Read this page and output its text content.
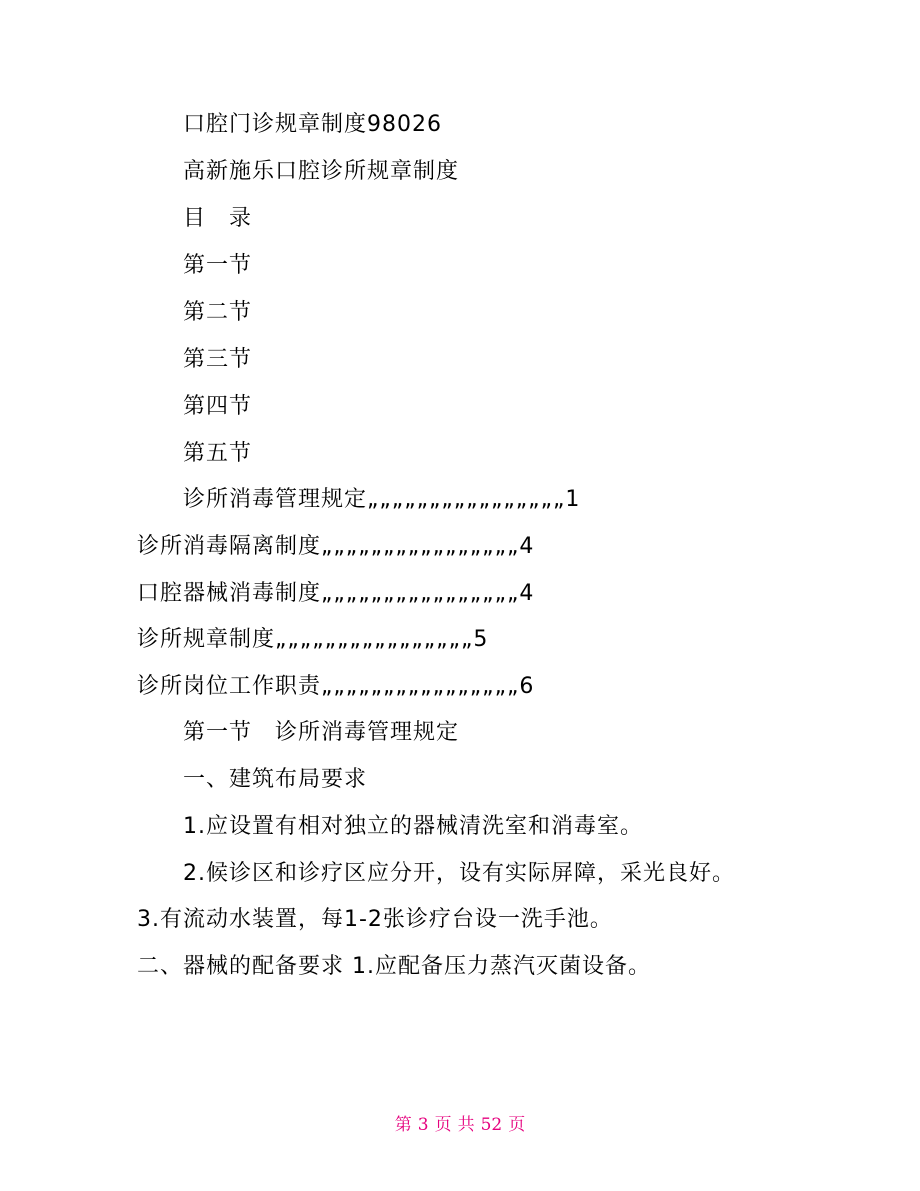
口腔门诊规章制度98026
高新施乐口腔诊所规章制度
目　录
第一节
第二节
第三节
第四节
第五节
诊所消毒管理规定„„„„„„„„„„„„„„„„1
诊所消毒隔离制度„„„„„„„„„„„„„„„„4
口腔器械消毒制度„„„„„„„„„„„„„„„„4
诊所规章制度„„„„„„„„„„„„„„„„5
诊所岗位工作职责„„„„„„„„„„„„„„„„6
第一节　诊所消毒管理规定
一、建筑布局要求
1.应设置有相对独立的器械清洗室和消毒室。
2.候诊区和诊疗区应分开，设有实际屏障，采光良好。
3.有流动水装置，每1-2张诊疗台设一洗手池。
二、器械的配备要求 1.应配备压力蒸汽灭菌设备。
第 3 页 共 52 页
